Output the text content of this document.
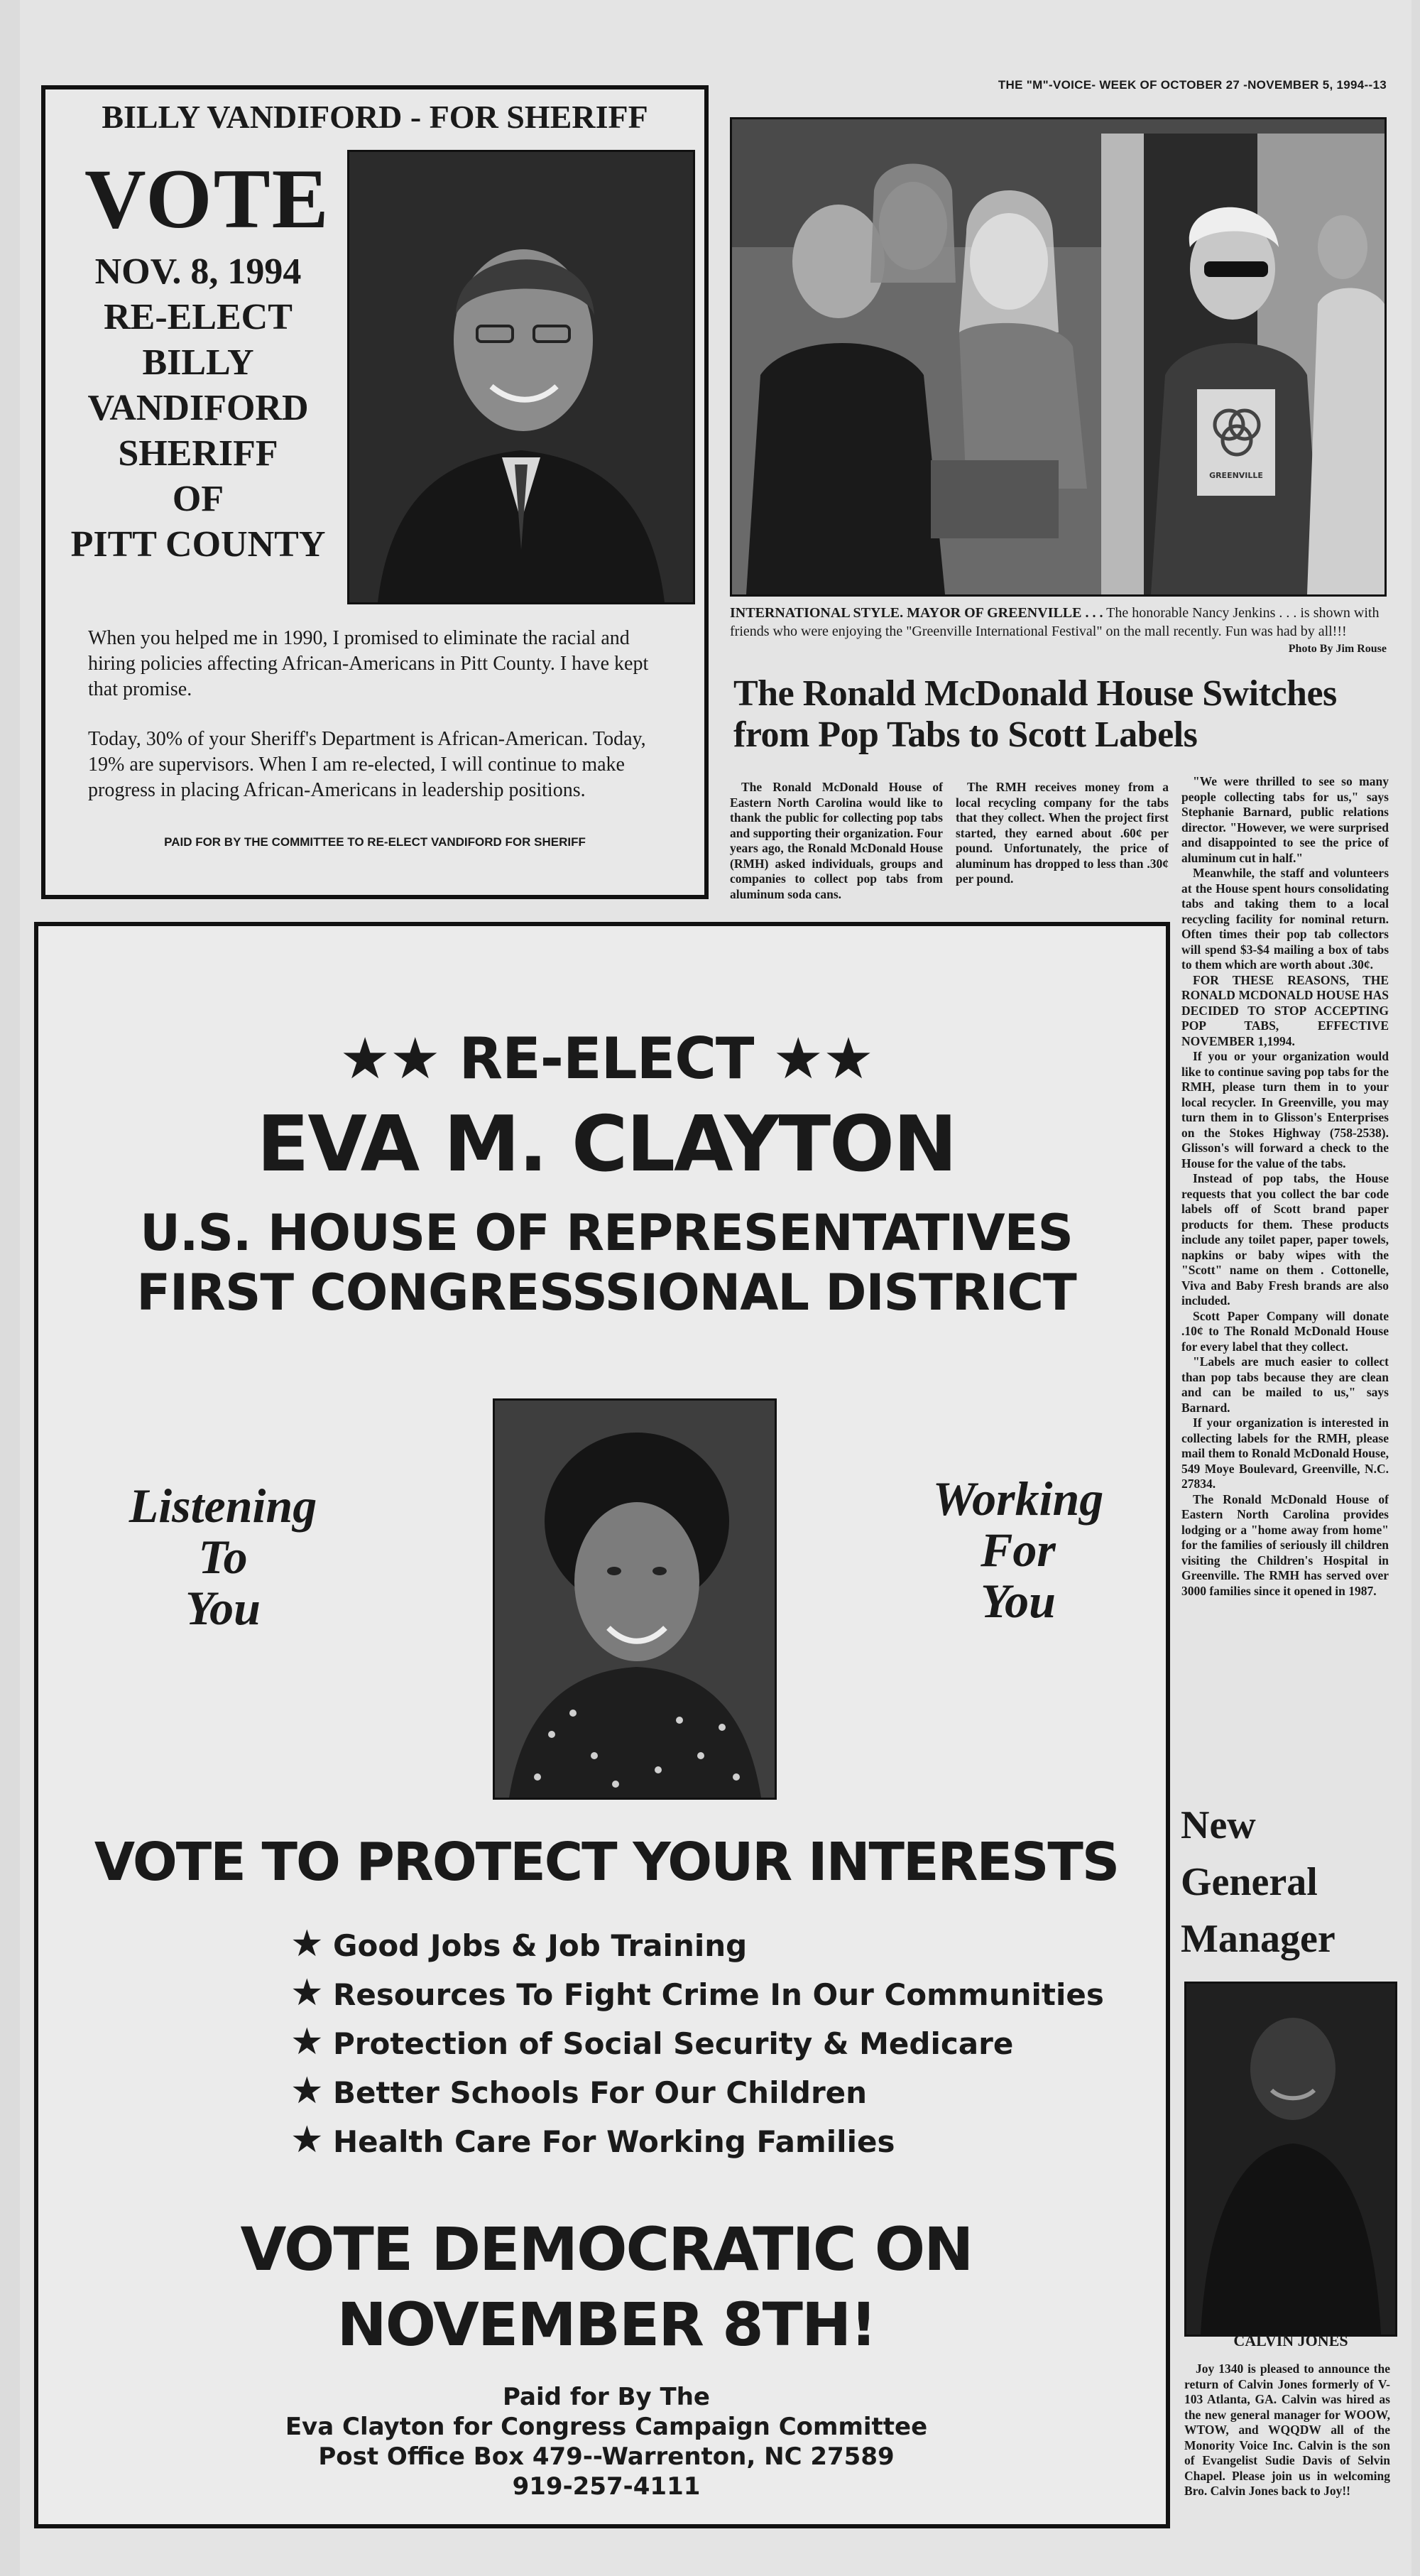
THE "M"-VOICE- WEEK OF OCTOBER 27 -NOVEMBER 5, 1994--13
BILLY VANDIFORD - FOR SHERIFF
VOTE
NOV. 8, 1994
RE-ELECT
BILLY
VANDIFORD
SHERIFF
OF
PITT COUNTY

When you helped me in 1990, I promised to eliminate the racial and hiring policies affecting African-Americans in Pitt County. I have kept that promise.

Today, 30% of your Sheriff's Department is African-American. Today, 19% are supervisors. When I am re-elected, I will continue to make progress in placing African-Americans in leadership positions.

PAID FOR BY THE COMMITTEE TO RE-ELECT VANDIFORD FOR SHERIFF
GREENVILLE
INTERNATIONAL STYLE. MAYOR OF GREENVILLE . . . The honorable Nancy Jenkins . . . is shown with friends who were enjoying the "Greenville International Festival" on the mall recently. Fun was had by all!!!
Photo By Jim Rouse
The Ronald McDonald House Switches from Pop Tabs to Scott Labels

The Ronald McDonald House of Eastern North Carolina would like to thank the public for collecting pop tabs and supporting their organization. Four years ago, the Ronald McDonald House (RMH) asked individuals, groups and companies to collect pop tabs from aluminum soda cans.

The RMH receives money from a local recycling company for the tabs that they collect. When the project first started, they earned about .60¢ per pound. Unfortunately, the price of aluminum has dropped to less than .30¢ per pound.

"We were thrilled to see so many people collecting tabs for us," says Stephanie Barnard, public relations director. "However, we were surprised and disappointed to see the price of aluminum cut in half."

Meanwhile, the staff and volunteers at the House spent hours consolidating tabs and taking them to a local recycling facility for nominal return. Often times their pop tab collectors will spend $3-$4 mailing a box of tabs to them which are worth about .30¢.

FOR THESE REASONS, THE RONALD MCDONALD HOUSE HAS DECIDED TO STOP ACCEPTING POP TABS, EFFECTIVE NOVEMBER 1,1994.

If you or your organization would like to continue saving pop tabs for the RMH, please turn them in to your local recycler. In Greenville, you may turn them in to Glisson's Enterprises on the Stokes Highway (758-2538). Glisson's will forward a check to the House for the value of the tabs.

Instead of pop tabs, the House requests that you collect the bar code labels off of Scott brand paper products for them. These products include any toilet paper, paper towels, napkins or baby wipes with the "Scott" name on them . Cottonelle, Viva and Baby Fresh brands are also included.

Scott Paper Company will donate .10¢ to The Ronald McDonald House for every label that they collect.

"Labels are much easier to collect than pop tabs because they are clean and can be mailed to us," says Barnard.

If your organization is interested in collecting labels for the RMH, please mail them to Ronald McDonald House, 549 Moye Boulevard, Greenville, N.C. 27834.

The Ronald McDonald House of Eastern North Carolina provides lodging or a "home away from home" for the families of seriously ill children visiting the Children's Hospital in Greenville. The RMH has served over 3000 families since it opened in 1987.

★★ RE-ELECT ★★
EVA M. CLAYTON
U.S. HOUSE OF REPRESENTATIVES
FIRST CONGRESSSIONAL DISTRICT
Listening
To
You
Working
For
You
VOTE TO PROTECT YOUR INTERESTS
★ Good Jobs & Job Training
★ Resources To Fight Crime In Our Communities
★ Protection of Social Security & Medicare
★ Better Schools For Our Children
★ Health Care For Working Families
VOTE DEMOCRATIC ON
NOVEMBER 8TH!
Paid for By The
Eva Clayton for Congress Campaign Committee
Post Office Box 479--Warrenton, NC 27589
919-257-4111
New
General
Manager
CALVIN JONES

Joy 1340 is pleased to announce the return of Calvin Jones formerly of V-103 Atlanta, GA. Calvin was hired as the new general manager for WOOW, WTOW, and WQQDW all of the Monority Voice Inc. Calvin is the son of Evangelist Sudie Davis of Selvin Chapel. Please join us in welcoming Bro. Calvin Jones back to Joy!!
